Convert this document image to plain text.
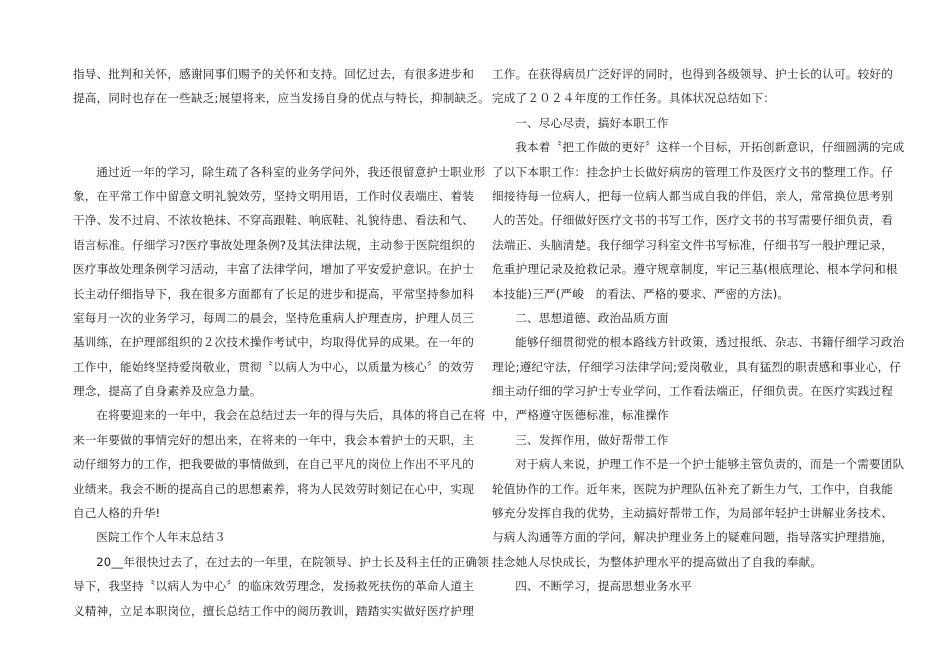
指导、批判和关怀，感谢同事们赐予的关怀和支持。回忆过去，有很多进步和
提高，同时也存在一些缺乏;展望将来，应当发扬自身的优点与特长，抑制缺乏。
通过近一年的学习，除生疏了各科室的业务学问外，我还很留意护士职业形
象，在平常工作中留意文明礼貌效劳，坚持文明用语，工作时仪表端庄、着装
干净、发不过肩、不浓妆艳抹、不穿高跟鞋、响底鞋、礼貌待患、看法和气、
语言标准。仔细学习?医疗事故处理条例?及其法律法规，主动参于医院组织的
医疗事故处理条例学习活动，丰富了法律学问，增加了平安爱护意识。在护士
长主动仔细指导下，我在很多方面都有了长足的进步和提高，平常坚持参加科
室每月一次的业务学习，每周二的晨会，坚持危重病人护理查房，护理人员三
基训练，在护理部组织的２次技术操作考试中，均取得优异的成果。在一年的
工作中，能始终坚持爱岗敬业，贯彻〝以病人为中心，以质量为核心〞的效劳
理念，提高了自身素养及应急力量。
在将要迎来的一年中，我会在总结过去一年的得与失后，具体的将自己在将
来一年要做的事情完好的想出来，在将来的一年中，我会本着护士的天职，主
动仔细努力的工作，把我要做的事情做到，在自己平凡的岗位上作出不平凡的
业绩来。我会不断的提高自己的思想素养，将为人民效劳时刻记在心中，实现
自己人格的升华!
医院工作个人年末总结３
20__年很快过去了，在过去的一年里，在院领导、护士长及科主任的正确领
导下，我坚持〝以病人为中心〞的临床效劳理念，发扬救死扶伤的革命人道主
义精神，立足本职岗位，擅长总结工作中的阅历教训，踏踏实实做好医疗护理
工作。在获得病员广泛好评的同时，也得到各级领导、护士长的认可。较好的
完成了２０２４年度的工作任务。具体状况总结如下：
一、尽心尽责，搞好本职工作
我本着〝把工作做的更好〞这样一个目标，开拓创新意识，仔细圆满的完成
了以下本职工作：挂念护士长做好病房的管理工作及医疗文书的整理工作。仔
细接待每一位病人，把每一位病人都当成自我的伴侣，亲人，常常换位思考别
人的苦处。仔细做好医疗文书的书写工作，医疗文书的书写需要仔细负责，看
法端正、头脑清楚。我仔细学习科室文件书写标准，仔细书写一般护理记录，
危重护理记录及抢救记录。遵守规章制度，牢记三基(根底理论、根本学问和根
本技能)三严(严峻　的看法、严格的要求、严密的方法)。
二、思想道德、政治品质方面
能够仔细贯彻党的根本路线方针政策，透过报纸、杂志、书籍仔细学习政治
理论;遵纪守法，仔细学习法律学问;爱岗敬业，具有猛烈的职责感和事业心，仔
细主动仔细的学习护士专业学问，工作看法端正，仔细负责。在医疗实践过程
中，严格遵守医德标准，标准操作
三、发挥作用，做好帮带工作
对于病人来说，护理工作不是一个护士能够主管负责的，而是一个需要团队
轮值协作的工作。近年来，医院为护理队伍补充了新生力气，工作中，自我能
够充分发挥自我的优势，主动搞好帮带工作，为局部年轻护士讲解业务技术、
与病人沟通等方面的学问，解决护理业务上的疑难问题，指导落实护理措施，
挂念她人尽快成长，为整体护理水平的提高做出了自我的奉献。
四、不断学习，提高思想业务水平
